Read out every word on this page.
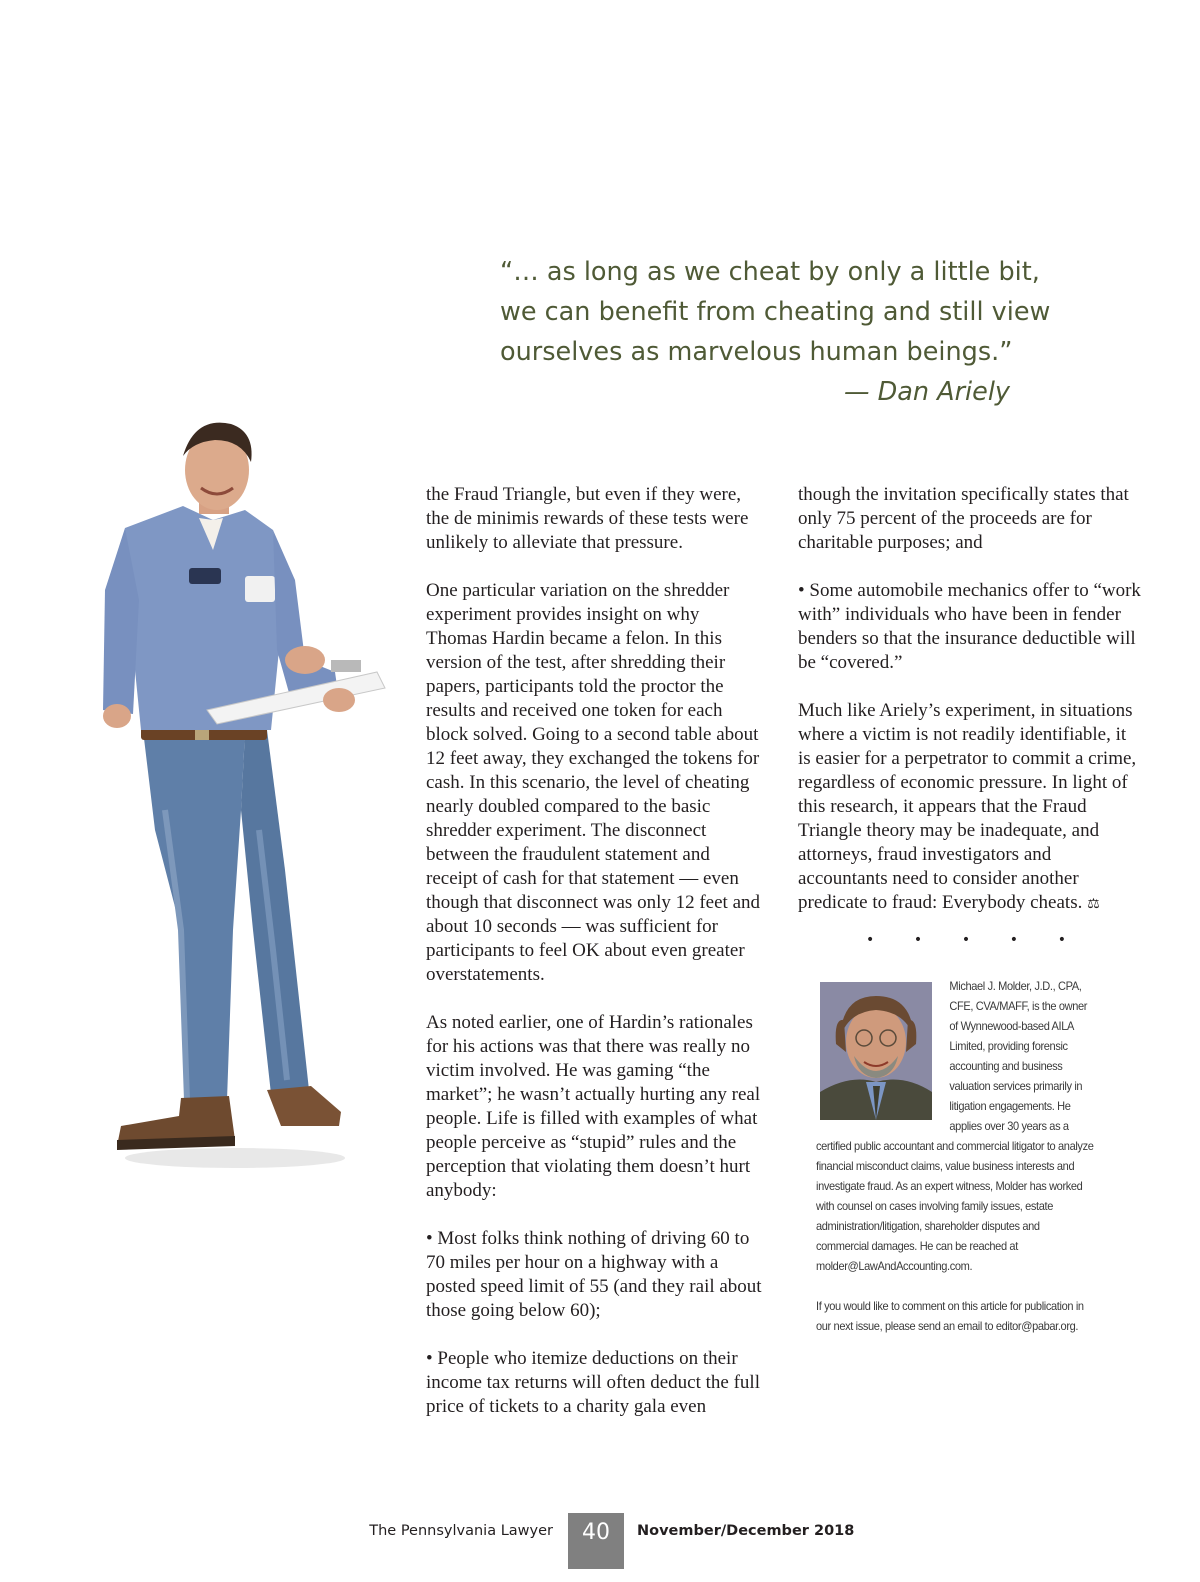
“… as long as we cheat by only a little bit, we can benefit from cheating and still view ourselves as marvelous human beings.”
— Dan Ariely

the Fraud Triangle, but even if they were, the de minimis rewards of these tests were unlikely to alleviate that pressure.

One particular variation on the shredder experiment provides insight on why Thomas Hardin became a felon. In this version of the test, after shredding their papers, participants told the proctor the results and received one token for each block solved. Going to a second table about 12 feet away, they exchanged the tokens for cash. In this scenario, the level of cheating nearly doubled compared to the basic shredder experiment. The disconnect between the fraudulent statement and receipt of cash for that statement — even though that disconnect was only 12 feet and about 10 seconds — was sufficient for participants to feel OK about even greater overstatements.

As noted earlier, one of Hardin’s rationales for his actions was that there was really no victim involved. He was gaming “the market”; he wasn’t actually hurting any real people. Life is filled with examples of what people perceive as “stupid” rules and the perception that violating them doesn’t hurt anybody:

• Most folks think nothing of driving 60 to 70 miles per hour on a highway with a posted speed limit of 55 (and they rail about those going below 60);

• People who itemize deductions on their income tax returns will often deduct the full price of tickets to a charity gala even

though the invitation specifically states that only 75 percent of the proceeds are for charitable purposes; and

• Some automobile mechanics offer to “work with” individuals who have been in fender benders so that the insurance deductible will be “covered.”

Much like Ariely’s experiment, in situations where a victim is not readily identifiable, it is easier for a perpetrator to commit a crime, regardless of economic pressure. In light of this research, it appears that the Fraud Triangle theory may be inadequate, and attorneys, fraud investigators and accountants need to consider another predicate to fraud: Everybody cheats. ⚖

•	•	•	•	•

Michael J. Molder, J.D., CPA, CFE, CVA/MAFF, is the owner of Wynnewood-based AILA Limited, providing forensic accounting and business valuation services primarily in litigation engagements. He applies over 30 years as a certified public accountant and commercial litigator to analyze financial misconduct claims, value business interests and investigate fraud. As an expert witness, Molder has worked with counsel on cases involving family issues, estate administration/litigation, shareholder disputes and commercial damages. He can be reached at molder@LawAndAccounting.com.

If you would like to comment on this article for publication in our next issue, please send an email to editor@pabar.org.

The Pennsylvania Lawyer	40	November/December 2018
